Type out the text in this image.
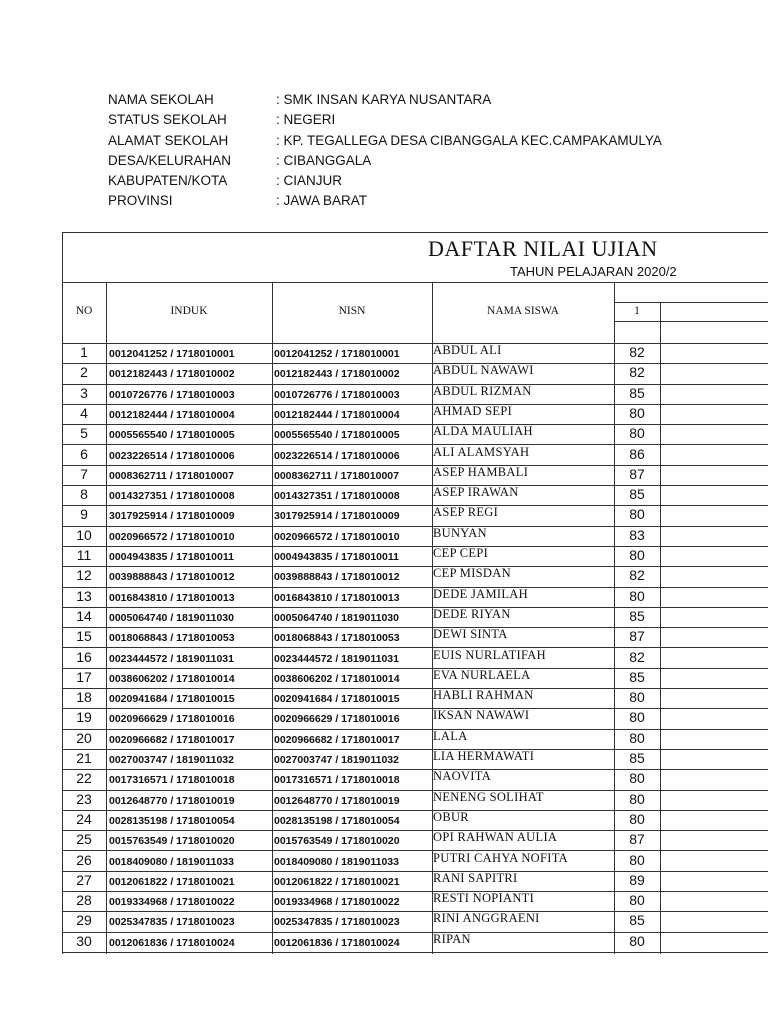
NAMA SEKOLAH	: SMK INSAN KARYA NUSANTARA
STATUS SEKOLAH	: NEGERI
ALAMAT SEKOLAH	: KP. TEGALLEGA DESA CIBANGGALA KEC.CAMPAKAMULYA
DESA/KELURAHAN	: CIBANGGALA
KABUPATEN/KOTA	: CIANJUR
PROVINSI	: JAWA BARAT
DAFTAR NILAI UJIAN
TAHUN PELAJARAN 2020/2
NO	INDUK	NISN	NAMA SISWA	1
1	0012041252 / 1718010001	0012041252 / 1718010001	ABDUL ALI	82
2	0012182443 / 1718010002	0012182443 / 1718010002	ABDUL NAWAWI	82
3	0010726776 / 1718010003	0010726776 / 1718010003	ABDUL RIZMAN	85
4	0012182444 / 1718010004	0012182444 / 1718010004	AHMAD SEPI	80
5	0005565540 / 1718010005	0005565540 / 1718010005	ALDA MAULIAH	80
6	0023226514 / 1718010006	0023226514 / 1718010006	ALI ALAMSYAH	86
7	0008362711 / 1718010007	0008362711 / 1718010007	ASEP HAMBALI	87
8	0014327351 / 1718010008	0014327351 / 1718010008	ASEP IRAWAN	85
9	3017925914 / 1718010009	3017925914 / 1718010009	ASEP REGI	80
10	0020966572 / 1718010010	0020966572 / 1718010010	BUNYAN	83
11	0004943835 / 1718010011	0004943835 / 1718010011	CEP CEPI	80
12	0039888843 / 1718010012	0039888843 / 1718010012	CEP MISDAN	82
13	0016843810 / 1718010013	0016843810 / 1718010013	DEDE JAMILAH	80
14	0005064740 / 1819011030	0005064740 / 1819011030	DEDE RIYAN	85
15	0018068843 / 1718010053	0018068843 / 1718010053	DEWI SINTA	87
16	0023444572 / 1819011031	0023444572 / 1819011031	EUIS NURLATIFAH	82
17	0038606202 / 1718010014	0038606202 / 1718010014	EVA NURLAELA	85
18	0020941684 / 1718010015	0020941684 / 1718010015	HABLI RAHMAN	80
19	0020966629 / 1718010016	0020966629 / 1718010016	IKSAN NAWAWI	80
20	0020966682 / 1718010017	0020966682 / 1718010017	LALA	80
21	0027003747 / 1819011032	0027003747 / 1819011032	LIA HERMAWATI	85
22	0017316571 / 1718010018	0017316571 / 1718010018	NAOVITA	80
23	0012648770 / 1718010019	0012648770 / 1718010019	NENENG SOLIHAT	80
24	0028135198 / 1718010054	0028135198 / 1718010054	OBUR	80
25	0015763549 / 1718010020	0015763549 / 1718010020	OPI RAHWAN AULIA	87
26	0018409080 / 1819011033	0018409080 / 1819011033	PUTRI CAHYA NOFITA	80
27	0012061822 / 1718010021	0012061822 / 1718010021	RANI SAPITRI	89
28	0019334968 / 1718010022	0019334968 / 1718010022	RESTI NOPIANTI	80
29	0025347835 / 1718010023	0025347835 / 1718010023	RINI ANGGRAENI	85
30	0012061836 / 1718010024	0012061836 / 1718010024	RIPAN	80
